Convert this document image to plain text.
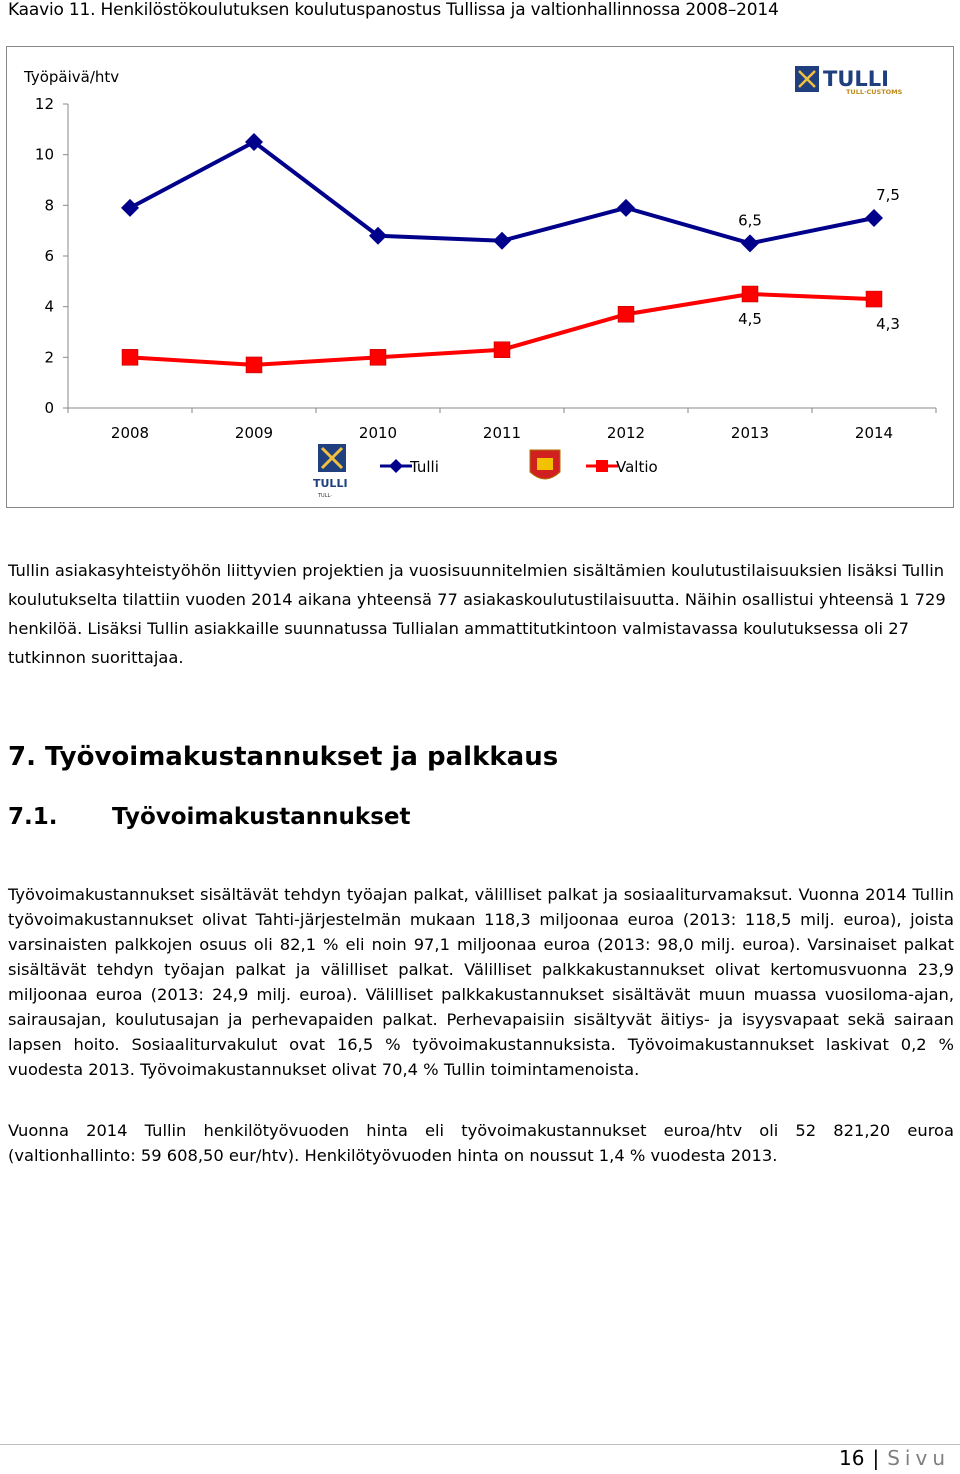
Kaavio 11. Henkilöstökoulutuksen koulutuspanostus Tullissa ja valtionhallinnossa 2008–2014
TULLI
TULL·CUSTOMS
TULLI
TULL·
Työpäivä/htv
0
2
4
6
8
10
12
2008	2009	2010	2011	2012	2013	2014
6,5
7,5
4,5	4,3
Tulli	Valtio

Tullin asiakasyhteistyöhön liittyvien projektien ja vuosisuunnitelmien sisältämien koulutustilaisuuksien lisäksi Tullin koulutukselta tilattiin vuoden 2014 aikana yhteensä 77 asiakaskoulutustilaisuutta. Näihin osallistui yhteensä 1 729 henkilöä. Lisäksi Tullin asiakkaille suunnatussa Tullialan ammattitutkintoon valmistavassa koulutuksessa oli 27 tutkinnon suorittajaa.

7. Työvoimakustannukset ja palkkaus
7.1. Työvoimakustannukset

Työvoimakustannukset sisältävät tehdyn työajan palkat, välilliset palkat ja sosiaaliturvamaksut. Vuonna 2014 Tullin työvoimakustannukset olivat Tahti-järjestelmän mukaan 118,3 miljoonaa euroa (2013: 118,5 milj. euroa), joista varsinaisten palkkojen osuus oli 82,1 % eli noin 97,1 miljoonaa euroa (2013: 98,0 milj. euroa). Varsinaiset palkat sisältävät tehdyn työajan palkat ja välilliset palkat. Välilliset palkkakustannukset olivat kertomusvuonna 23,9 miljoonaa euroa (2013: 24,9 milj. euroa). Välilliset palkkakustannukset sisältävät muun muassa vuosiloma-ajan, sairausajan, koulutusajan ja perhevapaiden palkat. Perhevapaisiin sisältyvät äitiys- ja isyysvapaat sekä sairaan lapsen hoito. Sosiaaliturvakulut ovat 16,5 % työvoimakustannuksista. Työvoimakustannukset laskivat 0,2 % vuodesta 2013. Työvoimakustannukset olivat 70,4 % Tullin toimintamenoista.

Vuonna 2014 Tullin henkilötyövuoden hinta eli työvoimakustannukset euroa/htv oli 52 821,20 euroa (valtionhallinto: 59 608,50 eur/htv). Henkilötyövuoden hinta on noussut 1,4 % vuodesta 2013.

16 | Sivu
